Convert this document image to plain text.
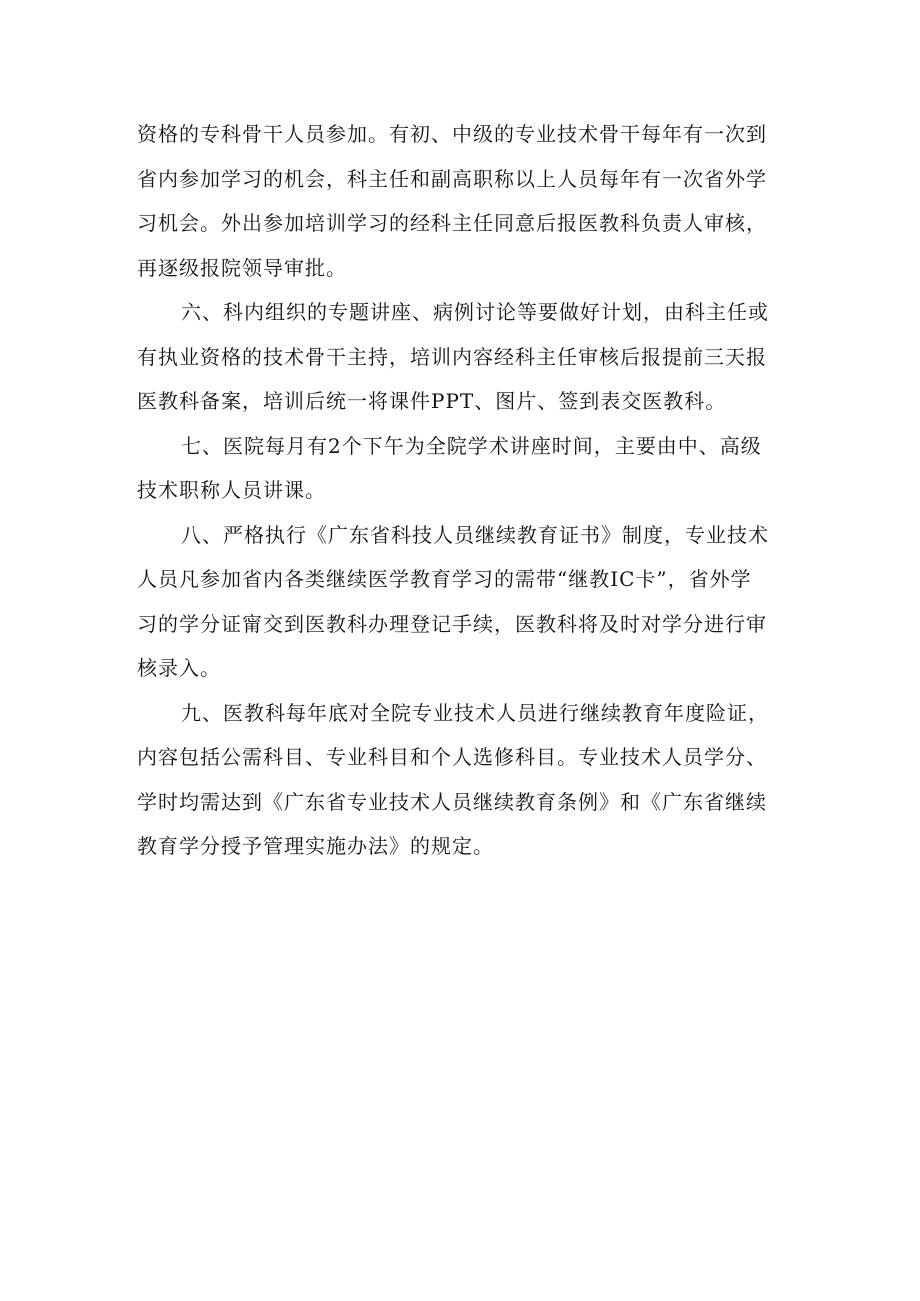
资格的专科骨干人员参加。有初、中级的专业技术骨干每年有一次到
省内参加学习的机会，科主任和副高职称以上人员每年有一次省外学
习机会。外出参加培训学习的经科主任同意后报医教科负责人审核，
再逐级报院领导审批。

六、科内组织的专题讲座、病例讨论等要做好计划，由科主任或
有执业资格的技术骨干主持，培训内容经科主任审核后报提前三天报
医教科备案，培训后统一将课件PPT、图片、签到表交医教科。

七、医院每月有2个下午为全院学术讲座时间，主要由中、高级
技术职称人员讲课。

八、严格执行《广东省科技人员继续教育证书》制度，专业技术
人员凡参加省内各类继续医学教育学习的需带“继教IC卡”，省外学
习的学分证甯交到医教科办理登记手续，医教科将及时对学分进行审
核录入。

九、医教科每年底对全院专业技术人员进行继续教育年度险证，
内容包括公需科目、专业科目和个人选修科目。专业技术人员学分、
学时均需达到《广东省专业技术人员继续教育条例》和《广东省继续
教育学分授予管理实施办法》的规定。
